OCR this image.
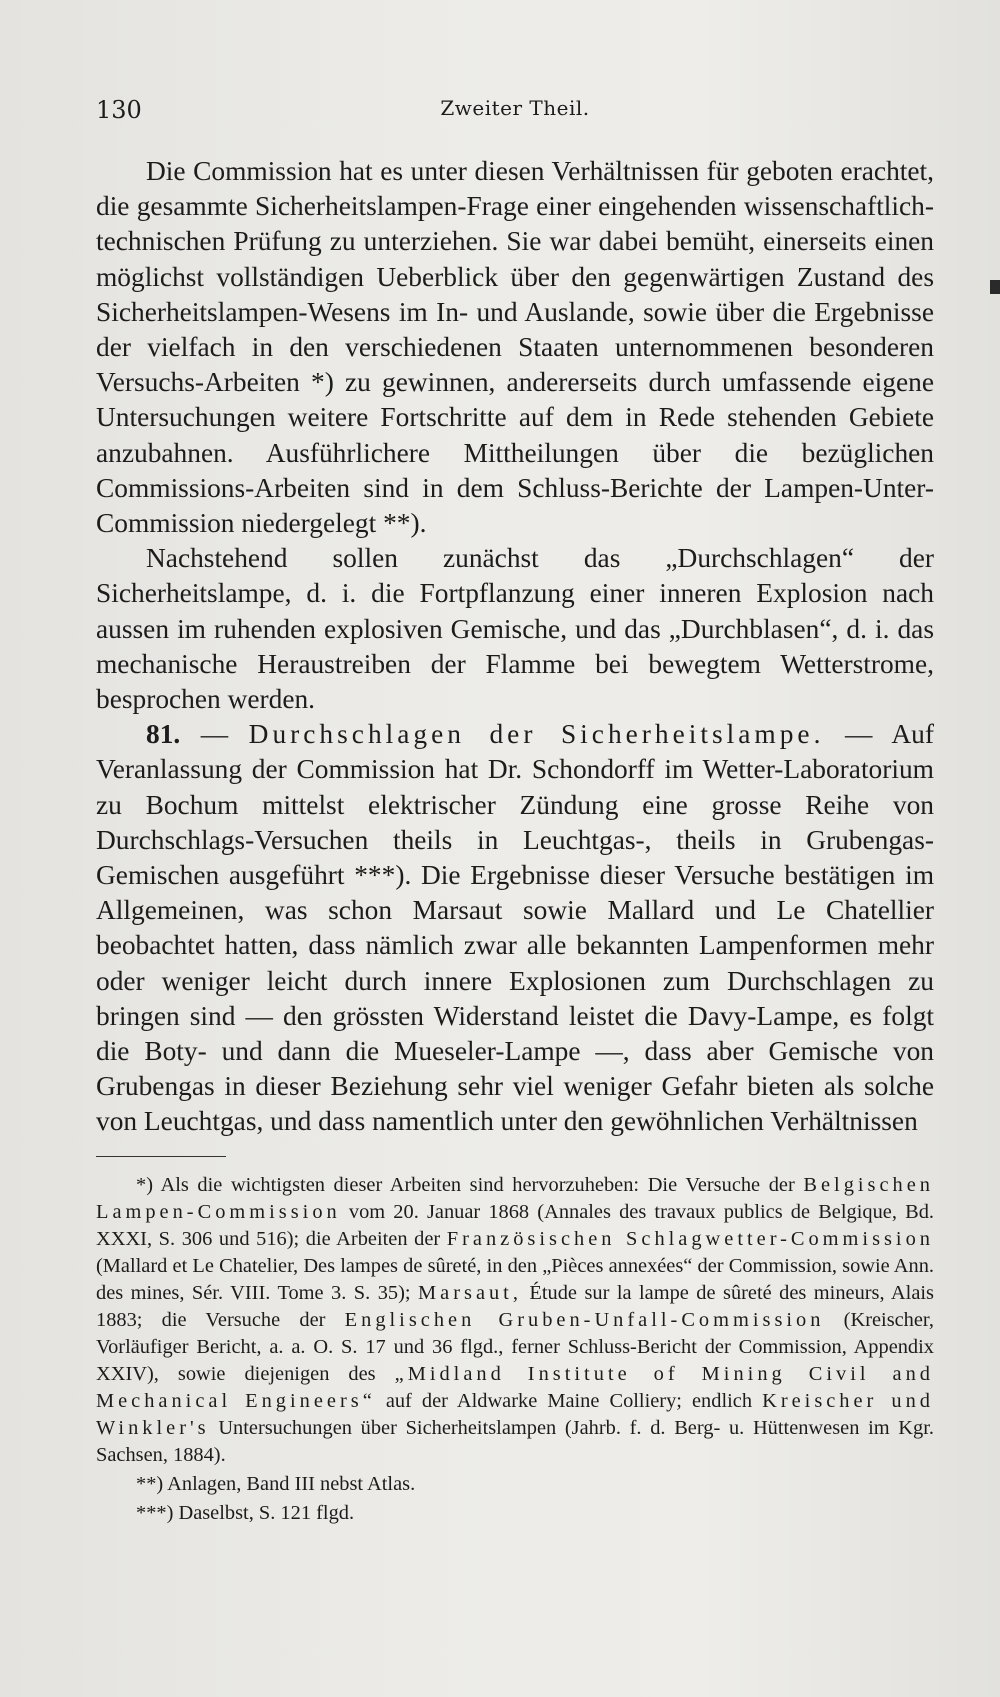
130	Zweiter Theil.

Die Commission hat es unter diesen Verhältnissen für geboten erachtet, die gesammte Sicherheitslampen-Frage einer eingehenden wissenschaftlich-technischen Prüfung zu unterziehen. Sie war dabei bemüht, einerseits einen möglichst vollständigen Ueberblick über den gegenwärtigen Zustand des Sicherheitslampen-Wesens im In- und Auslande, sowie über die Ergebnisse der vielfach in den verschiedenen Staaten unternommenen besonderen Versuchs-Arbeiten *) zu gewinnen, andererseits durch umfassende eigene Untersuchungen weitere Fortschritte auf dem in Rede stehenden Gebiete anzubahnen. Ausführlichere Mittheilungen über die bezüglichen Commissions-Arbeiten sind in dem Schluss-Berichte der Lampen-Unter-Commission niedergelegt **).

Nachstehend sollen zunächst das „Durchschlagen“ der Sicherheitslampe, d. i. die Fortpflanzung einer inneren Explosion nach aussen im ruhenden explosiven Gemische, und das „Durchblasen“, d. i. das mechanische Heraustreiben der Flamme bei bewegtem Wetterstrome, besprochen werden.

81. — Durchschlagen der Sicherheitslampe. — Auf Veranlassung der Commission hat Dr. Schondorff im Wetter-Laboratorium zu Bochum mittelst elektrischer Zündung eine grosse Reihe von Durchschlags-Versuchen theils in Leuchtgas-, theils in Grubengas-Gemischen ausgeführt ***). Die Ergebnisse dieser Versuche bestätigen im Allgemeinen, was schon Marsaut sowie Mallard und Le Chatellier beobachtet hatten, dass nämlich zwar alle bekannten Lampenformen mehr oder weniger leicht durch innere Explosionen zum Durchschlagen zu bringen sind — den grössten Widerstand leistet die Davy-Lampe, es folgt die Boty- und dann die Mueseler-Lampe —, dass aber Gemische von Grubengas in dieser Beziehung sehr viel weniger Gefahr bieten als solche von Leuchtgas, und dass namentlich unter den gewöhnlichen Verhältnissen

*) Als die wichtigsten dieser Arbeiten sind hervorzuheben: Die Versuche der Belgischen Lampen-Commission vom 20. Januar 1868 (Annales des travaux publics de Belgique, Bd. XXXI, S. 306 und 516); die Arbeiten der Französischen Schlagwetter-Commission (Mallard et Le Chatelier, Des lampes de sûreté, in den „Pièces annexées“ der Commission, sowie Ann. des mines, Sér. VIII. Tome 3. S. 35); Marsaut, Étude sur la lampe de sûreté des mineurs, Alais 1883; die Versuche der Englischen Gruben-Unfall-Commission (Kreischer, Vorläufiger Bericht, a. a. O. S. 17 und 36 flgd., ferner Schluss-Bericht der Commission, Appendix XXIV), sowie diejenigen des „Midland Institute of Mining Civil and Mechanical Engineers“ auf der Aldwarke Maine Colliery; endlich Kreischer und Winkler's Untersuchungen über Sicherheitslampen (Jahrb. f. d. Berg- u. Hüttenwesen im Kgr. Sachsen, 1884).

**) Anlagen, Band III nebst Atlas.

***) Daselbst, S. 121 flgd.
